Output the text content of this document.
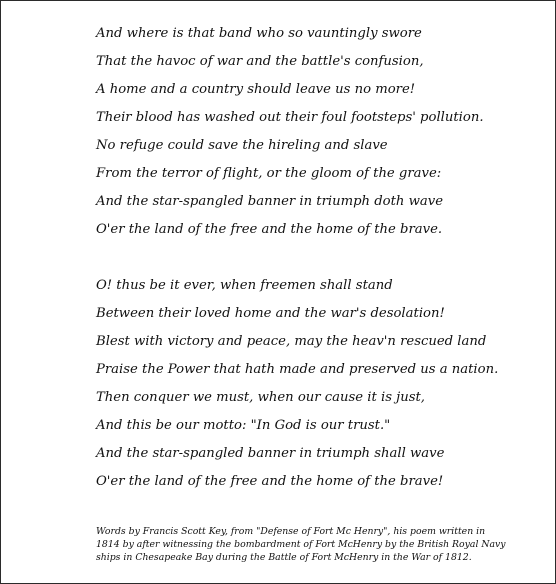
And where is that band who so vauntingly swore
That the havoc of war and the battle's confusion,
A home and a country should leave us no more!
Their blood has washed out their foul footsteps' pollution.
No refuge could save the hireling and slave
From the terror of flight, or the gloom of the grave:
And the star-spangled banner in triumph doth wave
O'er the land of the free and the home of the brave.
O! thus be it ever, when freemen shall stand
Between their loved home and the war's desolation!
Blest with victory and peace, may the heav'n rescued land
Praise the Power that hath made and preserved us a nation.
Then conquer we must, when our cause it is just,
And this be our motto: "In God is our trust."
And the star-spangled banner in triumph shall wave
O'er the land of the free and the home of the brave!
Words by Francis Scott Key, from "Defense of Fort Mc Henry", his poem written in
1814 by after witnessing the bombardment of Fort McHenry by the British Royal Navy
ships in Chesapeake Bay during the Battle of Fort McHenry in the War of 1812.
